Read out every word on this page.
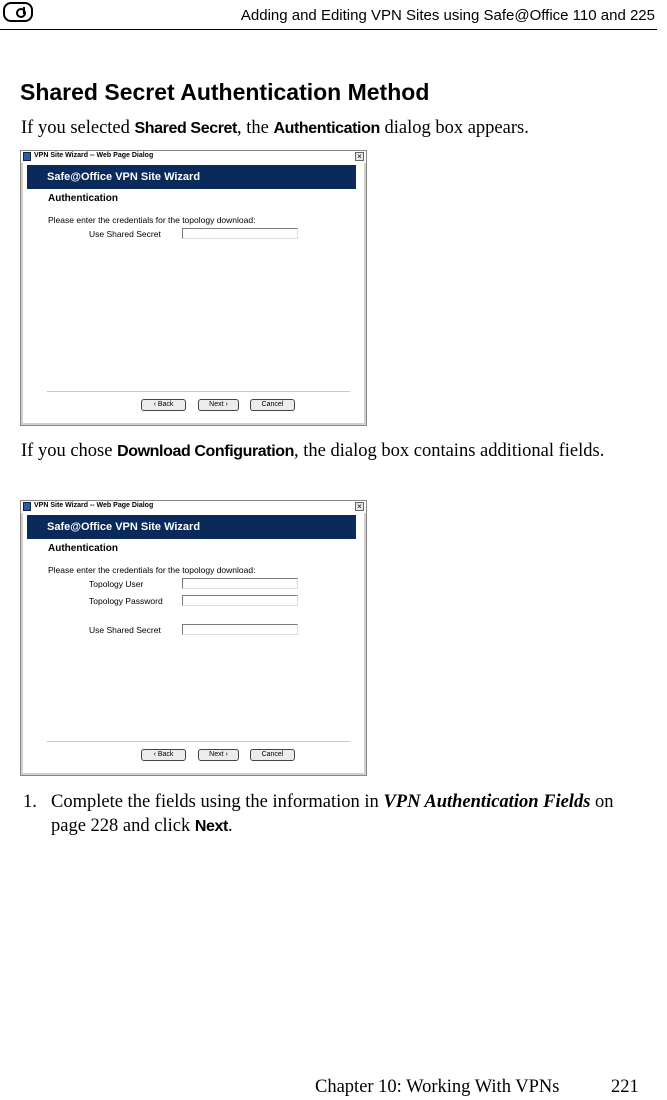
Adding and Editing VPN Sites using Safe@Office 110 and 225
Shared Secret Authentication Method

If you selected Shared Secret, the Authentication dialog box appears.

VPN Site Wizard -- Web Page Dialog	×
Safe@Office VPN Site Wizard
Authentication
Please enter the credentials for the topology download:
Use Shared Secret
‹ Back	Next ›	Cancel

If you chose Download Configuration, the dialog box contains additional fields.

VPN Site Wizard -- Web Page Dialog	×
Safe@Office VPN Site Wizard
Authentication
Please enter the credentials for the topology download:
Topology User
Topology Password
Use Shared Secret
‹ Back	Next ›	Cancel
1. Complete the fields using the information in VPN Authentication Fields on page 228 and click Next.
Chapter 10: Working With VPNs	221
